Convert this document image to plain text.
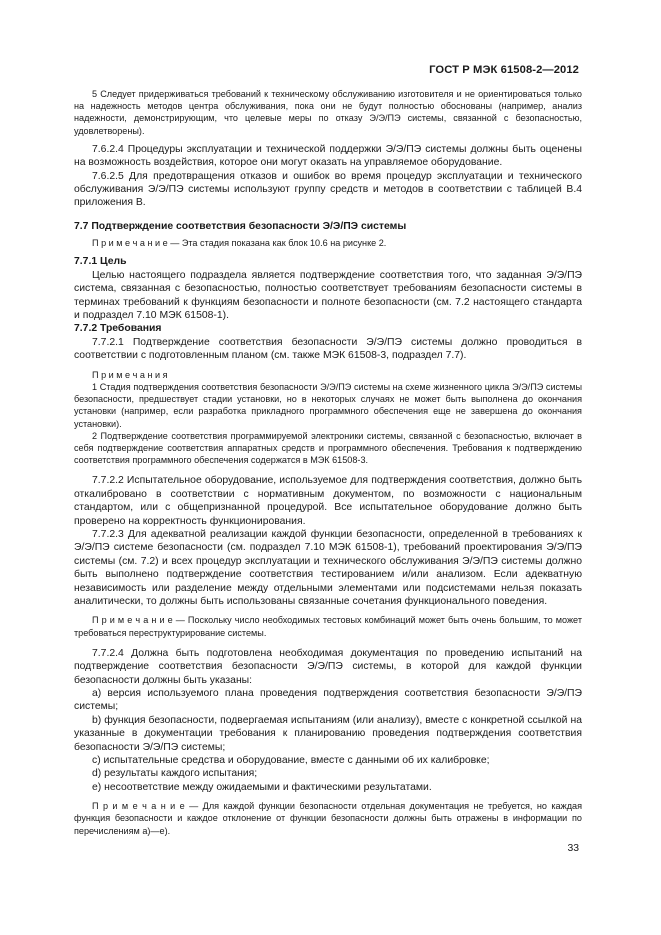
ГОСТ Р МЭК 61508-2—2012

5 Следует придерживаться требований к техническому обслуживанию изготовителя и не ориентироваться только на надежность методов центра обслуживания, пока они не будут полностью обоснованы (например, анализ надежности, демонстрирующим, что целевые меры по отказу Э/Э/ПЭ системы, связанной с безопасностью, удовлетворены).

7.6.2.4 Процедуры эксплуатации и технической поддержки Э/Э/ПЭ системы должны быть оценены на возможность воздействия, которое они могут оказать на управляемое оборудование.

7.6.2.5 Для предотвращения отказов и ошибок во время процедур эксплуатации и технического обслуживания Э/Э/ПЭ системы используют группу средств и методов в соответствии с таблицей В.4 приложения В.

7.7 Подтверждение соответствия безопасности Э/Э/ПЭ системы

П р и м е ч а н и е — Эта стадия показана как блок 10.6 на рисунке 2.

7.7.1 Цель

Целью настоящего подраздела является подтверждение соответствия того, что заданная Э/Э/ПЭ система, связанная с безопасностью, полностью соответствует требованиям безопасности системы в терминах требований к функциям безопасности и полноте безопасности (см. 7.2 настоящего стандарта и подраздел 7.10 МЭК 61508-1).

7.7.2 Требования

7.7.2.1 Подтверждение соответствия безопасности Э/Э/ПЭ системы должно проводиться в соответствии с подготовленным планом (см. также МЭК 61508-3, подраздел 7.7).

П р и м е ч а н и я

1 Стадия подтверждения соответствия безопасности Э/Э/ПЭ системы на схеме жизненного цикла Э/Э/ПЭ системы безопасности, предшествует стадии установки, но в некоторых случаях не может быть выполнена до окончания установки (например, если разработка прикладного программного обеспечения еще не завершена до окончания установки).

2 Подтверждение соответствия программируемой электроники системы, связанной с безопасностью, включает в себя подтверждение соответствия аппаратных средств и программного обеспечения. Требования к подтверждению соответствия программного обеспечения содержатся в МЭК 61508-3.

7.7.2.2 Испытательное оборудование, используемое для подтверждения соответствия, должно быть откалибровано в соответствии с нормативным документом, по возможности с национальным стандартом, или с общепризнанной процедурой. Все испытательное оборудование должно быть проверено на корректность функционирования.

7.7.2.3 Для адекватной реализации каждой функции безопасности, определенной в требованиях к Э/Э/ПЭ системе безопасности (см. подраздел 7.10 МЭК 61508-1), требований проектирования Э/Э/ПЭ системы (см. 7.2) и всех процедур эксплуатации и технического обслуживания Э/Э/ПЭ системы должно быть выполнено подтверждение соответствия тестированием и/или анализом. Если адекватную независимость или разделение между отдельными элементами или подсистемами нельзя показать аналитически, то должны быть использованы связанные сочетания функционального поведения.

П р и м е ч а н и е — Поскольку число необходимых тестовых комбинаций может быть очень большим, то может требоваться переструктурирование системы.

7.7.2.4 Должна быть подготовлена необходимая документация по проведению испытаний на подтверждение соответствия безопасности Э/Э/ПЭ системы, в которой для каждой функции безопасности должны быть указаны:

а) версия используемого плана проведения подтверждения соответствия безопасности Э/Э/ПЭ системы;

b) функция безопасности, подвергаемая испытаниям (или анализу), вместе с конкретной ссылкой на указанные в документации требования к планированию проведения подтверждения соответствия безопасности Э/Э/ПЭ системы;

c) испытательные средства и оборудование, вместе с данными об их калибровке;

d) результаты каждого испытания;

е) несоответствие между ожидаемыми и фактическими результатами.

П р и м е ч а н и е — Для каждой функции безопасности отдельная документация не требуется, но каждая функция безопасности и каждое отклонение от функции безопасности должны быть отражены в информации по перечислениям а)—е).

33
